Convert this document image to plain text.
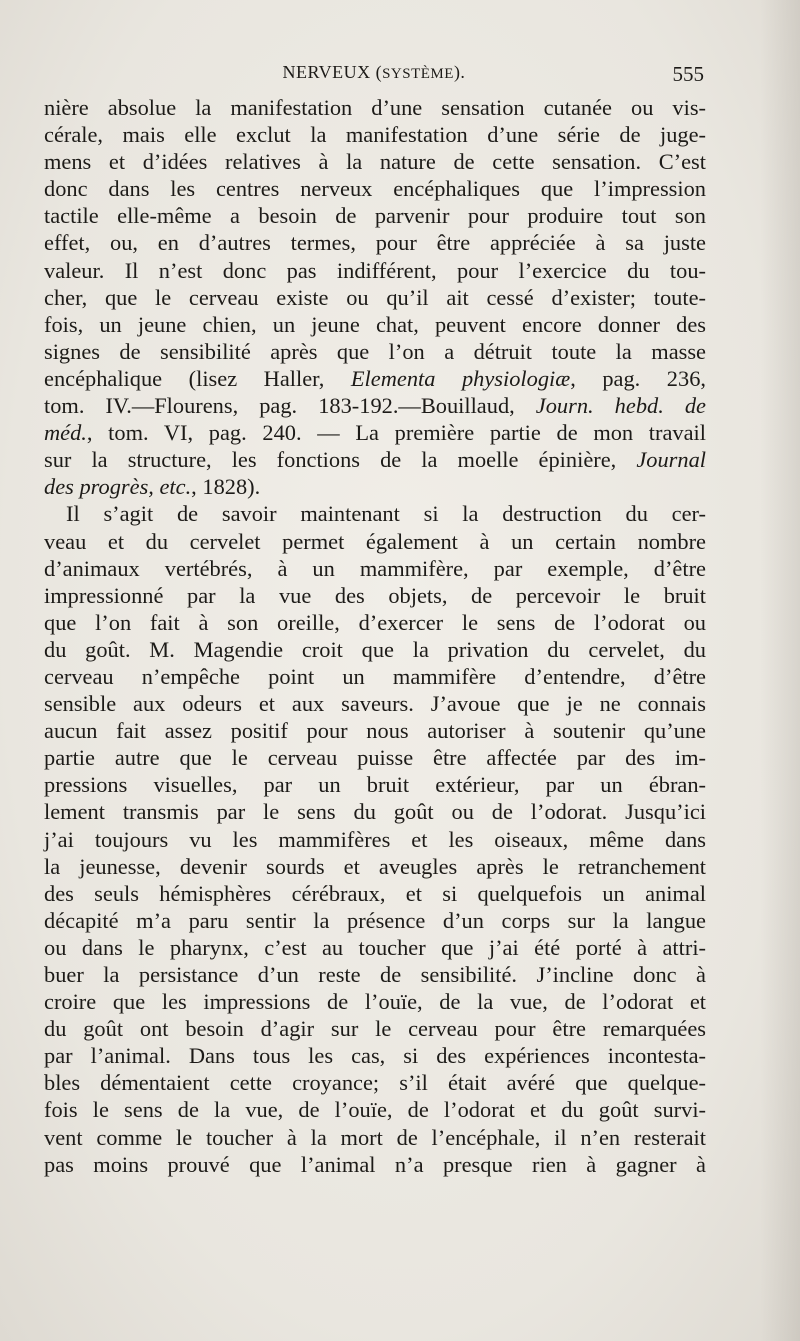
NERVEUX (SYSTÈME).	555
nière absolue la manifestation d’une sensation cutanée ou vis-
cérale, mais elle exclut la manifestation d’une série de juge-
mens et d’idées relatives à la nature de cette sensation. C’est
donc dans les centres nerveux encéphaliques que l’impression
tactile elle-même a besoin de parvenir pour produire tout son
effet, ou, en d’autres termes, pour être appréciée à sa juste
valeur. Il n’est donc pas indifférent, pour l’exercice du tou-
cher, que le cerveau existe ou qu’il ait cessé d’exister; toute-
fois, un jeune chien, un jeune chat, peuvent encore donner des
signes de sensibilité après que l’on a détruit toute la masse
encéphalique (lisez Haller, Elementa physiologiæ, pag. 236,
tom. IV.—Flourens, pag. 183-192.—Bouillaud, Journ. hebd. de
méd., tom. VI, pag. 240. — La première partie de mon travail
sur la structure, les fonctions de la moelle épinière, Journal
des progrès, etc., 1828).
Il s’agit de savoir maintenant si la destruction du cer-
veau et du cervelet permet également à un certain nombre
d’animaux vertébrés, à un mammifère, par exemple, d’être
impressionné par la vue des objets, de percevoir le bruit
que l’on fait à son oreille, d’exercer le sens de l’odorat ou
du goût. M. Magendie croit que la privation du cervelet, du
cerveau n’empêche point un mammifère d’entendre, d’être
sensible aux odeurs et aux saveurs. J’avoue que je ne connais
aucun fait assez positif pour nous autoriser à soutenir qu’une
partie autre que le cerveau puisse être affectée par des im-
pressions visuelles, par un bruit extérieur, par un ébran-
lement transmis par le sens du goût ou de l’odorat. Jusqu’ici
j’ai toujours vu les mammifères et les oiseaux, même dans
la jeunesse, devenir sourds et aveugles après le retranchement
des seuls hémisphères cérébraux, et si quelquefois un animal
décapité m’a paru sentir la présence d’un corps sur la langue
ou dans le pharynx, c’est au toucher que j’ai été porté à attri-
buer la persistance d’un reste de sensibilité. J’incline donc à
croire que les impressions de l’ouïe, de la vue, de l’odorat et
du goût ont besoin d’agir sur le cerveau pour être remarquées
par l’animal. Dans tous les cas, si des expériences incontesta-
bles démentaient cette croyance; s’il était avéré que quelque-
fois le sens de la vue, de l’ouïe, de l’odorat et du goût survi-
vent comme le toucher à la mort de l’encéphale, il n’en resterait
pas moins prouvé que l’animal n’a presque rien à gagner à
